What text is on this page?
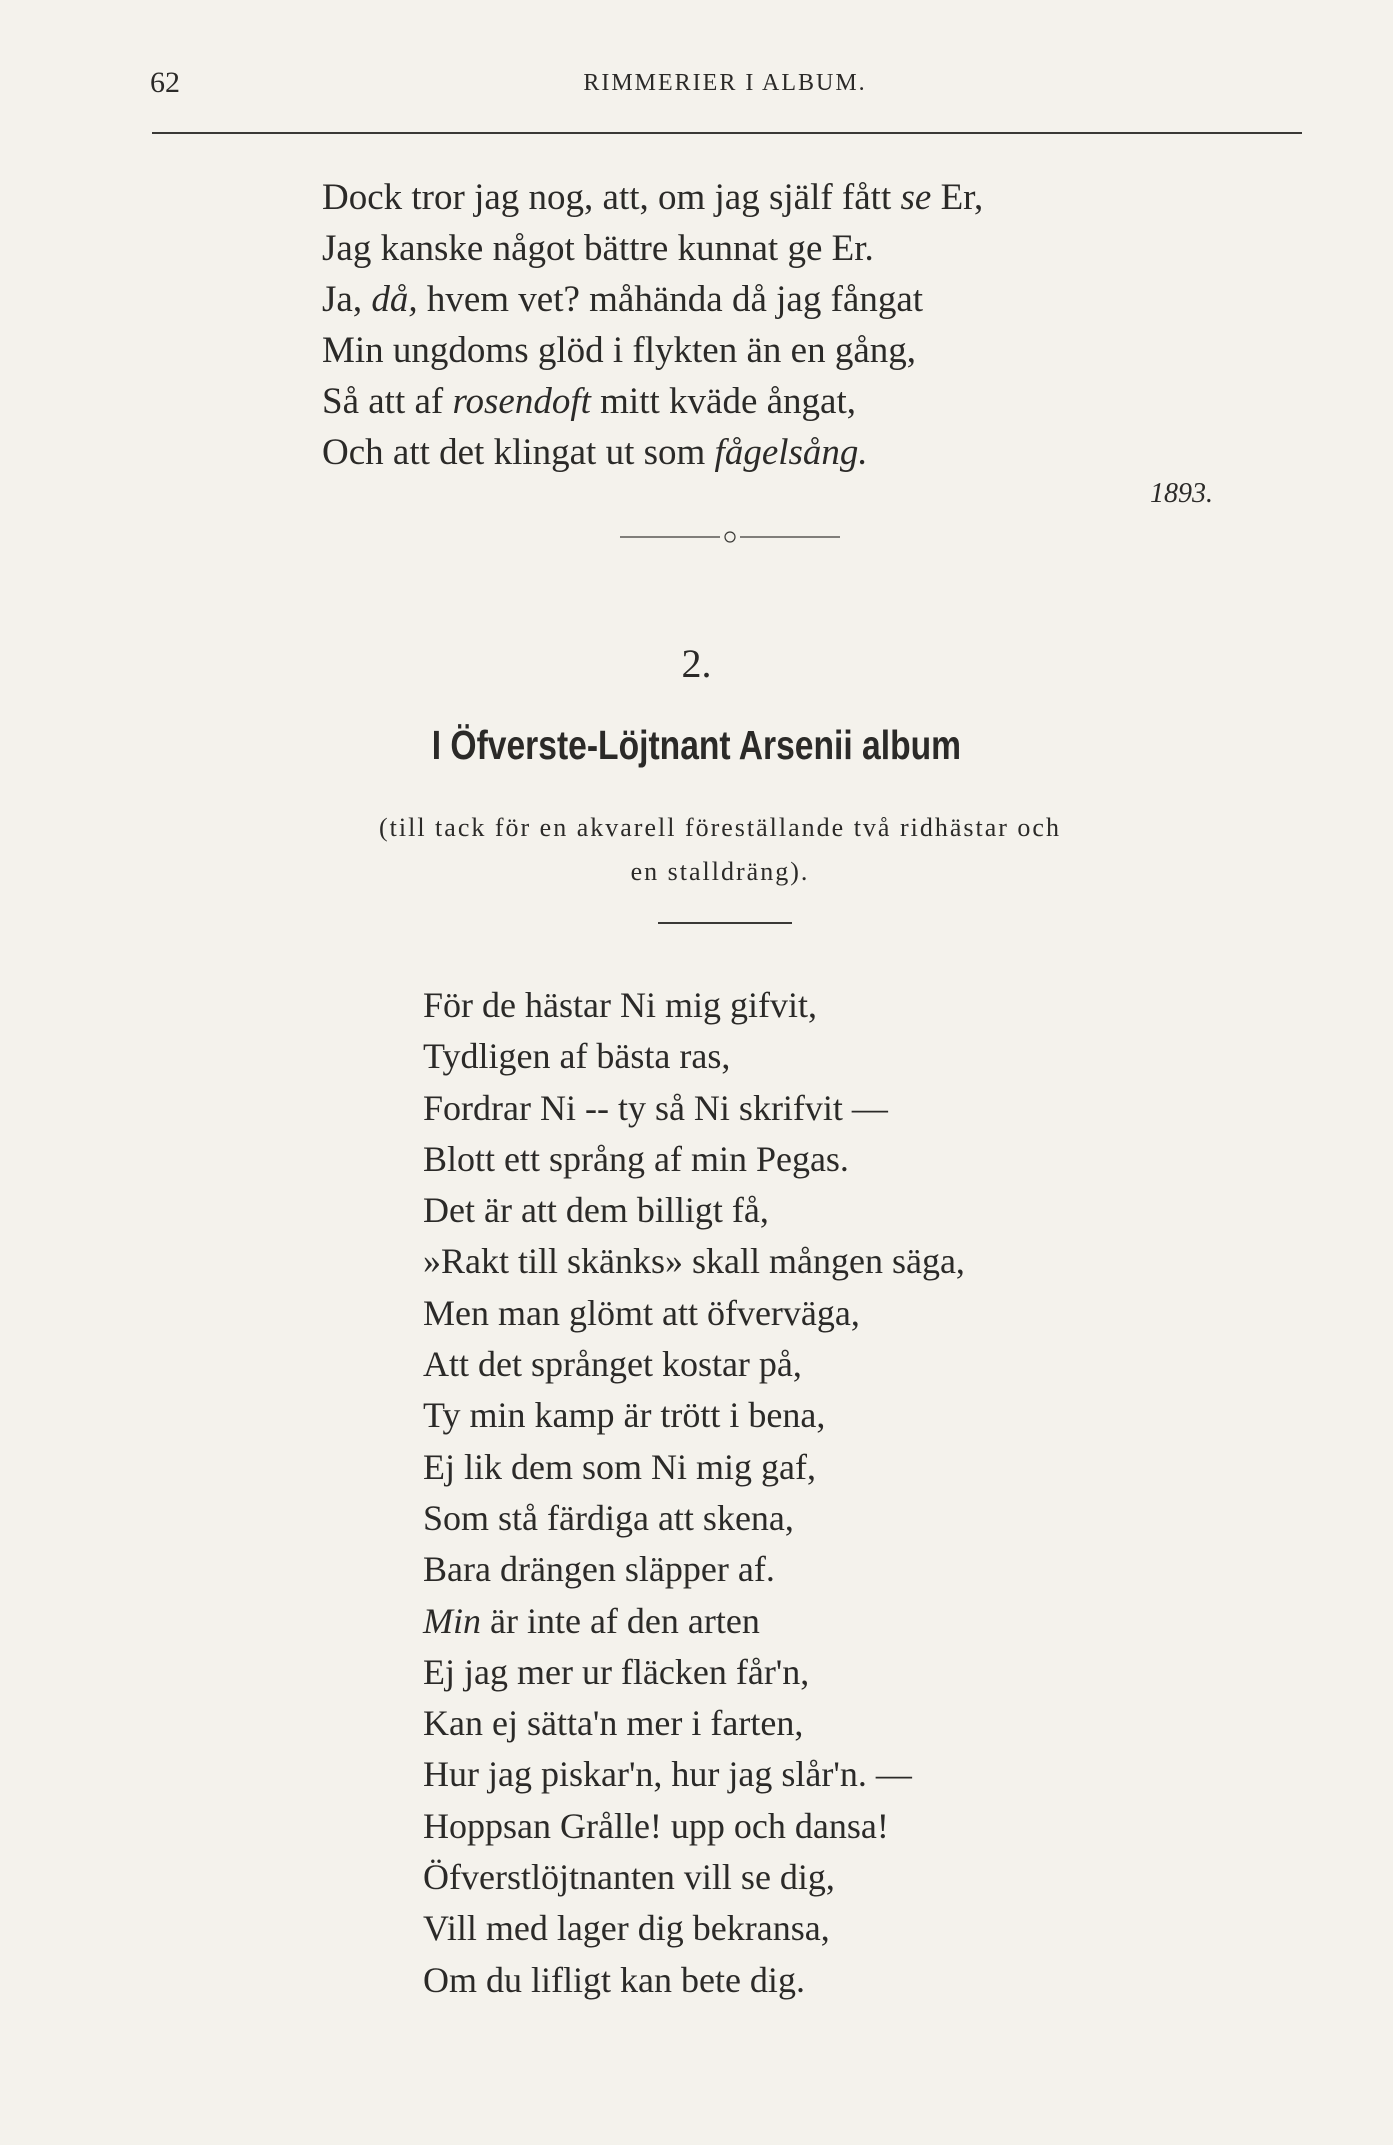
62	RIMMERIER I ALBUM.
Dock tror jag nog, att, om jag själf fått se Er,
Jag kanske något bättre kunnat ge Er.
Ja, då, hvem vet? måhända då jag fångat
Min ungdoms glöd i flykten än en gång,
Så att af rosendoft mitt kväde ångat,
Och att det klingat ut som fågelsång.
1893.
2.
I Öfverste-Löjtnant Arsenii album
(till tack för en akvarell föreställande två ridhästar och
en stalldräng).
För de hästar Ni mig gifvit,
Tydligen af bästa ras,
Fordrar Ni -- ty så Ni skrifvit —
Blott ett språng af min Pegas.
Det är att dem billigt få,
»Rakt till skänks» skall mången säga,
Men man glömt att öfverväga,
Att det språnget kostar på,
Ty min kamp är trött i bena,
Ej lik dem som Ni mig gaf,
Som stå färdiga att skena,
Bara drängen släpper af.
Min är inte af den arten
Ej jag mer ur fläcken får'n,
Kan ej sätta'n mer i farten,
Hur jag piskar'n, hur jag slår'n. —
Hoppsan Grålle! upp och dansa!
Öfverstlöjtnanten vill se dig,
Vill med lager dig bekransa,
Om du lifligt kan bete dig.
